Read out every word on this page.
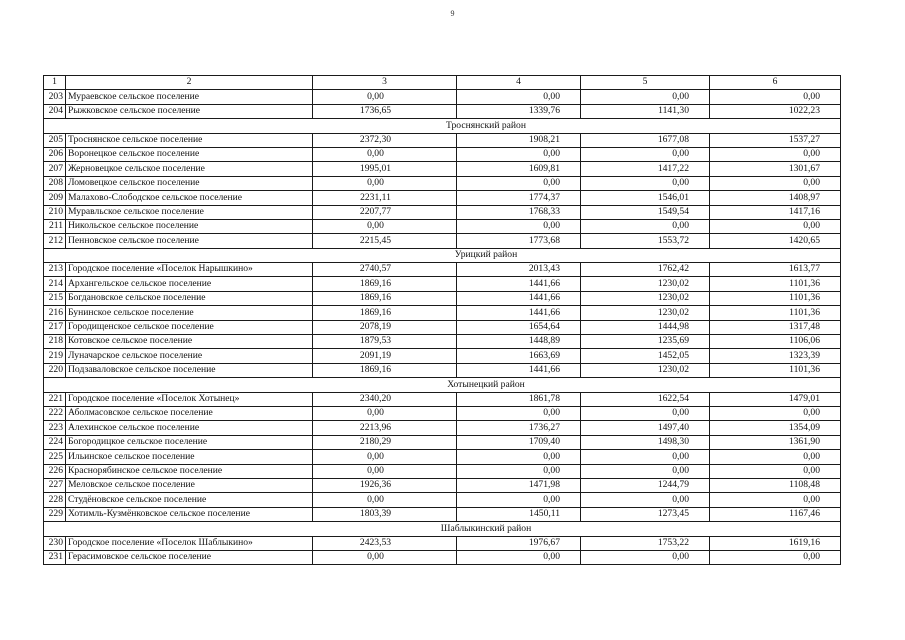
9
1	2	3	4	5	6
203	Мураевское сельское поселение	0,00	0,00	0,00	0,00
204	Рыжковское сельское поселение	1736,65	1339,76	1141,30	1022,23
Троснянский район					
205	Троснянское сельское поселение	2372,30	1908,21	1677,08	1537,27
206	Воронецкое сельское поселение	0,00	0,00	0,00	0,00
207	Жерновецкое сельское поселение	1995,01	1609,81	1417,22	1301,67
208	Ломовецкое сельское поселение	0,00	0,00	0,00	0,00
209	Малахово-Слободское сельское поселение	2231,11	1774,37	1546,01	1408,97
210	Муравльское сельское поселение	2207,77	1768,33	1549,54	1417,16
211	Никольское сельское поселение	0,00	0,00	0,00	0,00
212	Пенновское сельское поселение	2215,45	1773,68	1553,72	1420,65
Урицкий район					
213	Городское поселение «Поселок Нарышкино»	2740,57	2013,43	1762,42	1613,77
214	Архангельское сельское поселение	1869,16	1441,66	1230,02	1101,36
215	Богдановское сельское поселение	1869,16	1441,66	1230,02	1101,36
216	Бунинское сельское поселение	1869,16	1441,66	1230,02	1101,36
217	Городищенское сельское поселение	2078,19	1654,64	1444,98	1317,48
218	Котовское сельское поселение	1879,53	1448,89	1235,69	1106,06
219	Луначарское сельское поселение	2091,19	1663,69	1452,05	1323,39
220	Подзаваловское сельское поселение	1869,16	1441,66	1230,02	1101,36
Хотынецкий район					
221	Городское поселение «Поселок Хотынец»	2340,20	1861,78	1622,54	1479,01
222	Аболмасовское сельское поселение	0,00	0,00	0,00	0,00
223	Алехинское сельское поселение	2213,96	1736,27	1497,40	1354,09
224	Богородицкое сельское поселение	2180,29	1709,40	1498,30	1361,90
225	Ильинское сельское поселение	0,00	0,00	0,00	0,00
226	Краснорябинское сельское поселение	0,00	0,00	0,00	0,00
227	Меловское сельское поселение	1926,36	1471,98	1244,79	1108,48
228	Студёновское сельское поселение	0,00	0,00	0,00	0,00
229	Хотимль-Кузмёнковское сельское поселение	1803,39	1450,11	1273,45	1167,46
Шаблыкинский район					
230	Городское поселение «Поселок Шаблыкино»	2423,53	1976,67	1753,22	1619,16
231	Герасимовское сельское поселение	0,00	0,00	0,00	0,00
